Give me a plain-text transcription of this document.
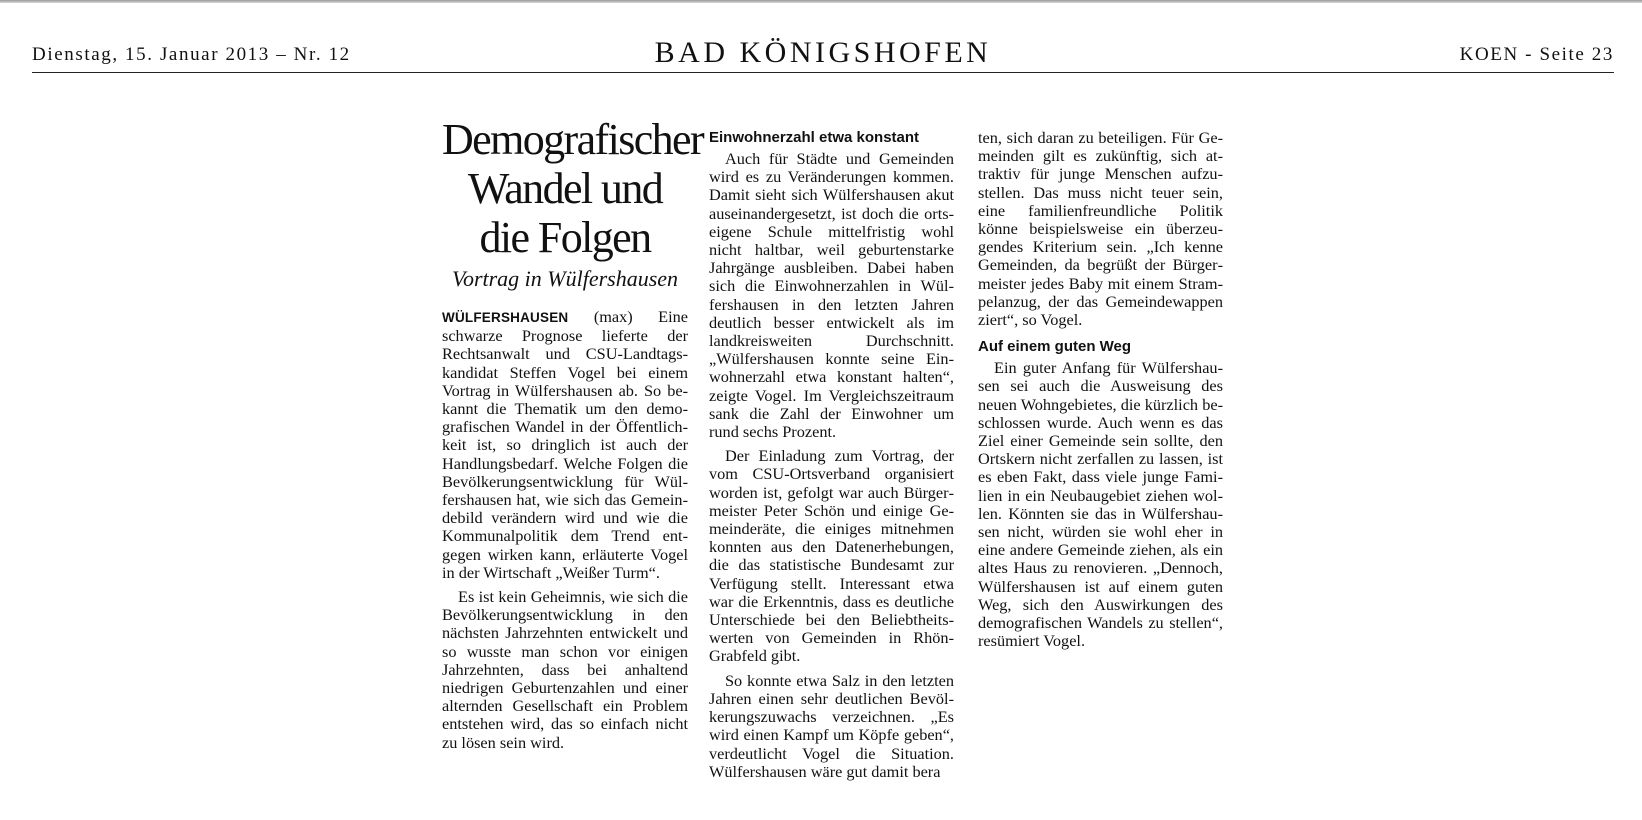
Dienstag, 15. Januar 2013 – Nr. 12	BAD KÖNIGSHOFEN	KOEN - Seite 23
Demografischer Wandel und die Folgen
Vortrag in Wülfershausen

WÜLFERSHAUSEN (max) Eine schwarze Prognose lieferte der Rechtsanwalt und CSU-Landtagskandidat Steffen Vogel bei einem Vortrag in Wülfershausen ab. So bekannt die Thematik um den demografischen Wandel in der Öffentlichkeit ist, so dringlich ist auch der Handlungsbedarf. Welche Folgen die Bevölkerungsentwicklung für Wülfershausen hat, wie sich das Gemeindebild verändern wird und wie die Kommunalpolitik dem Trend entgegen wirken kann, erläuterte Vogel in der Wirtschaft „Weißer Turm“.

Es ist kein Geheimnis, wie sich die Bevölkerungsentwicklung in den nächsten Jahrzehnten entwickelt und so wusste man schon vor einigen Jahrzehnten, dass bei anhaltend niedrigen Geburtenzahlen und einer alternden Gesellschaft ein Problem entstehen wird, das so einfach nicht zu lösen sein wird.

Einwohnerzahl etwa konstant

Auch für Städte und Gemeinden wird es zu Veränderungen kommen. Damit sieht sich Wülfershausen akut auseinandergesetzt, ist doch die ortseigene Schule mittelfristig wohl nicht haltbar, weil geburtenstarke Jahrgänge ausbleiben. Dabei haben sich die Einwohnerzahlen in Wülfershausen in den letzten Jahren deutlich besser entwickelt als im landkreisweiten Durchschnitt. „Wülfershausen konnte seine Einwohnerzahl etwa konstant halten“, zeigte Vogel. Im Vergleichszeitraum sank die Zahl der Einwohner um rund sechs Prozent.

Der Einladung zum Vortrag, der vom CSU-Ortsverband organisiert worden ist, gefolgt war auch Bürgermeister Peter Schön und einige Gemeinderäte, die einiges mitnehmen konnten aus den Datenerhebungen, die das statistische Bundesamt zur Verfügung stellt. Interessant etwa war die Erkenntnis, dass es deutliche Unterschiede bei den Beliebtheitswerten von Gemeinden in Rhön-Grabfeld gibt.

So konnte etwa Salz in den letzten Jahren einen sehr deutlichen Bevölkerungszuwachs verzeichnen. „Es wird einen Kampf um Köpfe geben“, verdeutlicht Vogel die Situation. Wülfershausen wäre gut damit bera

ten, sich daran zu beteiligen. Für Gemeinden gilt es zukünftig, sich attraktiv für junge Menschen aufzustellen. Das muss nicht teuer sein, eine familienfreundliche Politik könne beispielsweise ein überzeugendes Kriterium sein. „Ich kenne Gemeinden, da begrüßt der Bürgermeister jedes Baby mit einem Strampelanzug, der das Gemeindewappen ziert“, so Vogel.

Auf einem guten Weg

Ein guter Anfang für Wülfershausen sei auch die Ausweisung des neuen Wohngebietes, die kürzlich beschlossen wurde. Auch wenn es das Ziel einer Gemeinde sein sollte, den Ortskern nicht zerfallen zu lassen, ist es eben Fakt, dass viele junge Familien in ein Neubaugebiet ziehen wollen. Könnten sie das in Wülfershausen nicht, würden sie wohl eher in eine andere Gemeinde ziehen, als ein altes Haus zu renovieren. „Dennoch, Wülfershausen ist auf einem guten Weg, sich den Auswirkungen des demografischen Wandels zu stellen“, resümiert Vogel.
